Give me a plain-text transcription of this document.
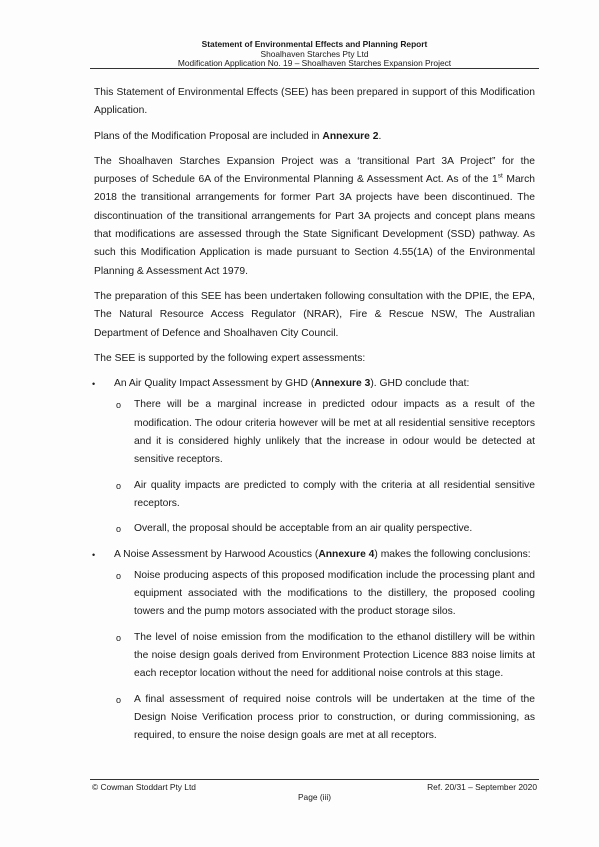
Statement of Environmental Effects and Planning Report
Shoalhaven Starches Pty Ltd
Modification Application No. 19 – Shoalhaven Starches Expansion Project

This Statement of Environmental Effects (SEE) has been prepared in support of this Modification Application.

Plans of the Modification Proposal are included in Annexure 2.

The Shoalhaven Starches Expansion Project was a ‘transitional Part 3A Project” for the purposes of Schedule 6A of the Environmental Planning & Assessment Act. As of the 1st March 2018 the transitional arrangements for former Part 3A projects have been discontinued. The discontinuation of the transitional arrangements for Part 3A projects and concept plans means that modifications are assessed through the State Significant Development (SSD) pathway. As such this Modification Application is made pursuant to Section 4.55(1A) of the Environmental Planning & Assessment Act 1979.

The preparation of this SEE has been undertaken following consultation with the DPIE, the EPA, The Natural Resource Access Regulator (NRAR), Fire & Rescue NSW, The Australian Department of Defence and Shoalhaven City Council.

The SEE is supported by the following expert assessments:

• An Air Quality Impact Assessment by GHD (Annexure 3). GHD conclude that:
o There will be a marginal increase in predicted odour impacts as a result of the modification. The odour criteria however will be met at all residential sensitive receptors and it is considered highly unlikely that the increase in odour would be detected at sensitive receptors.
o Air quality impacts are predicted to comply with the criteria at all residential sensitive receptors.
o Overall, the proposal should be acceptable from an air quality perspective.
• A Noise Assessment by Harwood Acoustics (Annexure 4) makes the following conclusions:
o Noise producing aspects of this proposed modification include the processing plant and equipment associated with the modifications to the distillery, the proposed cooling towers and the pump motors associated with the product storage silos.
o The level of noise emission from the modification to the ethanol distillery will be within the noise design goals derived from Environment Protection Licence 883 noise limits at each receptor location without the need for additional noise controls at this stage.
o A final assessment of required noise controls will be undertaken at the time of the Design Noise Verification process prior to construction, or during commissioning, as required, to ensure the noise design goals are met at all receptors.
© Cowman Stoddart Pty Ltd	Ref. 20/31 – September 2020
Page (iii)
